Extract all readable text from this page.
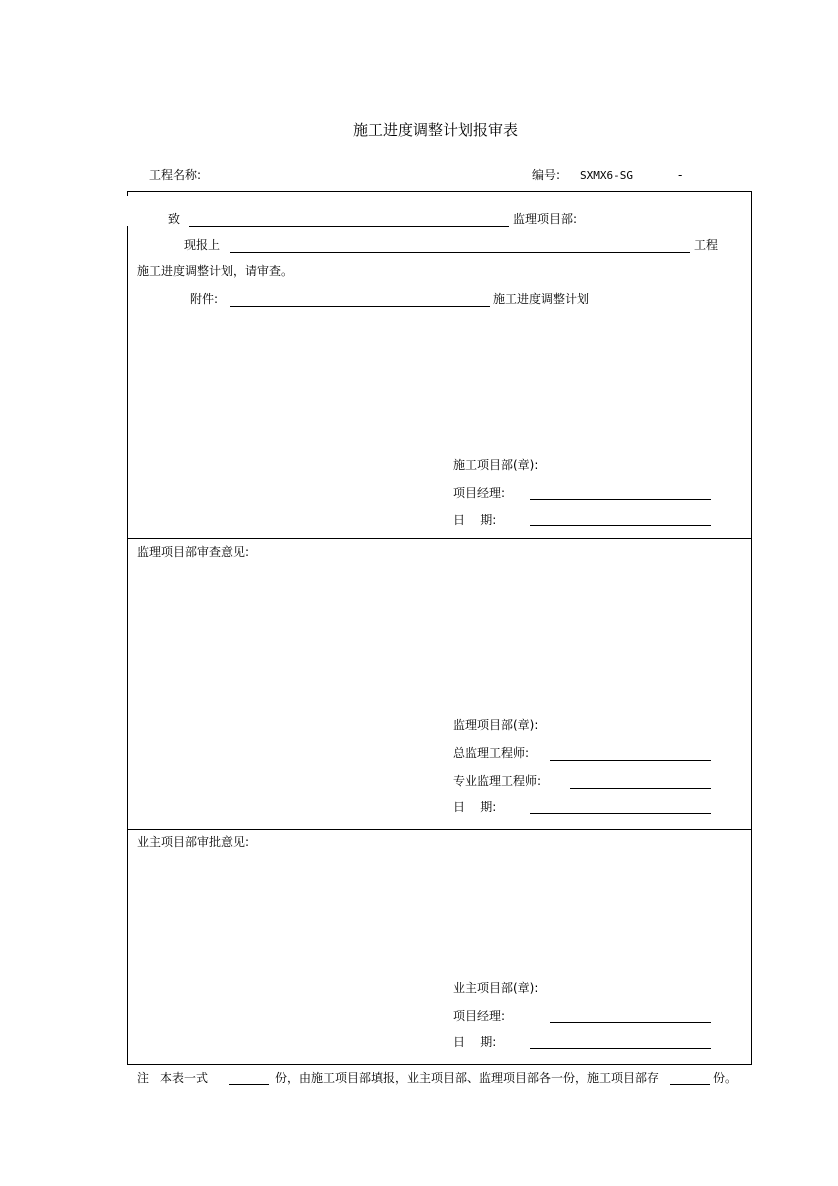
施工进度调整计划报审表
工程名称:	编号: SXMX6-SG	-
致	监理项目部:
现报上	工程
施工进度调整计划，请审查。
附件:	施工进度调整计划
施工项目部(章):
项目经理:
日    期:
监理项目部审查意见:
监理项目部(章):
总监理工程师:
专业监理工程师:
日    期:
业主项目部审批意见:
业主项目部(章):
项目经理:
日    期:
注 本表一式	份，由施工项目部填报，业主项目部、监理项目部各一份，施工项目部存	份。
